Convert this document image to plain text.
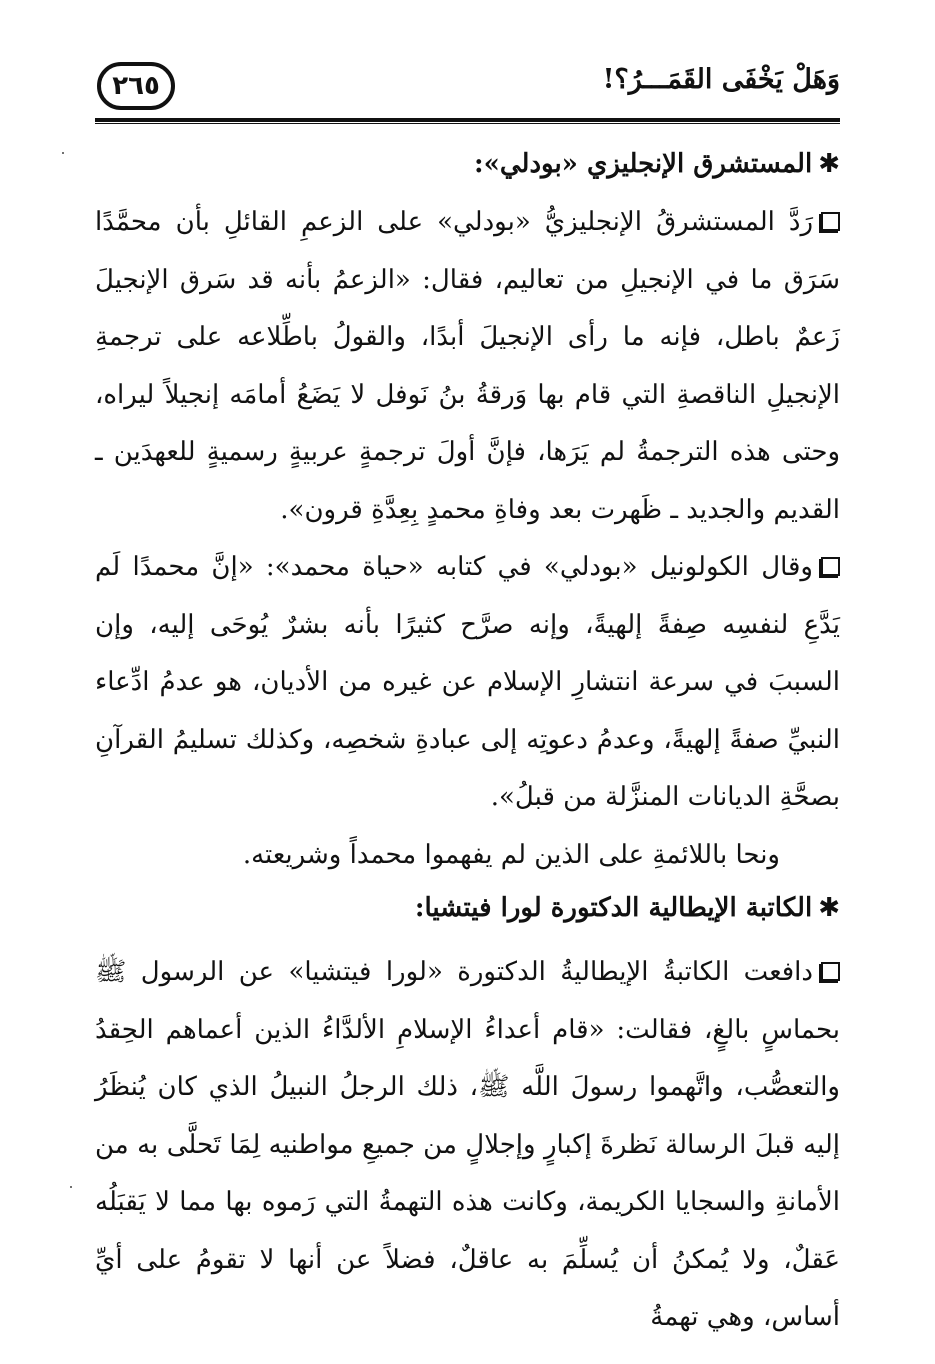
وَهَلْ يَخْفَى القَمَـــرُ؟!
٢٦٥

✱المستشرق الإنجليزي «بودلي»:

رَدَّ المستشرقُ الإنجليزيُّ «بودلي» على الزعمِ القائلِ بأن محمَّدًا سَرَق ما في الإنجيلِ من تعاليم، فقال: «الزعمُ بأنه قد سَرق الإنجيلَ زَعمٌ باطل، فإنه ما رأى الإنجيلَ أبدًا، والقولُ باطِّلاعه على ترجمةِ الإنجيلِ الناقصةِ التي قام بها وَرقةُ بنُ نَوفل لا يَضَعُ أمامَه إنجيلاً ليراه، وحتى هذه الترجمةُ لم يَرَها، فإنَّ أولَ ترجمةٍ عربيةٍ رسميةٍ للعهدَين ـ القديم والجديد ـ ظَهرت بعد وفاةِ محمدٍ بِعِدَّةِ قرون».

وقال الكولونيل «بودلي» في كتابه «حياة محمد»: «إنَّ محمدًا لَم يَدَّعِ لنفسِه صِفةً إلهيةً، وإنه صرَّح كثيرًا بأنه بشرٌ يُوحَى إليه، وإن السببَ في سرعة انتشارِ الإسلام عن غيره من الأديان، هو عدمُ ادِّعاء النبيِّ صفةً إلهيةً، وعدمُ دعوتِه إلى عبادةِ شخصِه، وكذلك تسليمُ القرآنِ بصحَّةِ الديانات المنزَّلة من قبلُ».

ونحا باللائمةِ على الذين لم يفهموا محمداً وشريعته.

✱الكاتبة الإيطالية الدكتورة لورا فيتشيا:

دافعت الكاتبةُ الإيطاليةُ الدكتورة «لورا فيتشيا» عن الرسول ﷺ بحماسٍ بالغٍ، فقالت: «قام أعداءُ الإسلامِ الألدَّاءُ الذين أعماهم الحِقدُ والتعصُّب، واتَّهموا رسولَ اللَّه ﷺ، ذلك الرجلُ النبيلُ الذي كان يُنظَرُ إليه قبلَ الرسالة نَظرةَ إكبارٍ وإجلالٍ من جميعِ مواطنيه لِمَا تَحلَّى به من الأمانةِ والسجايا الكريمة، وكانت هذه التهمةُ التي رَموه بها مما لا يَقبَلُه عَقلٌ، ولا يُمكنُ أن يُسلِّمَ به عاقلٌ، فضلاً عن أنها لا تقومُ على أيِّ أساس، وهي تهمةُ
